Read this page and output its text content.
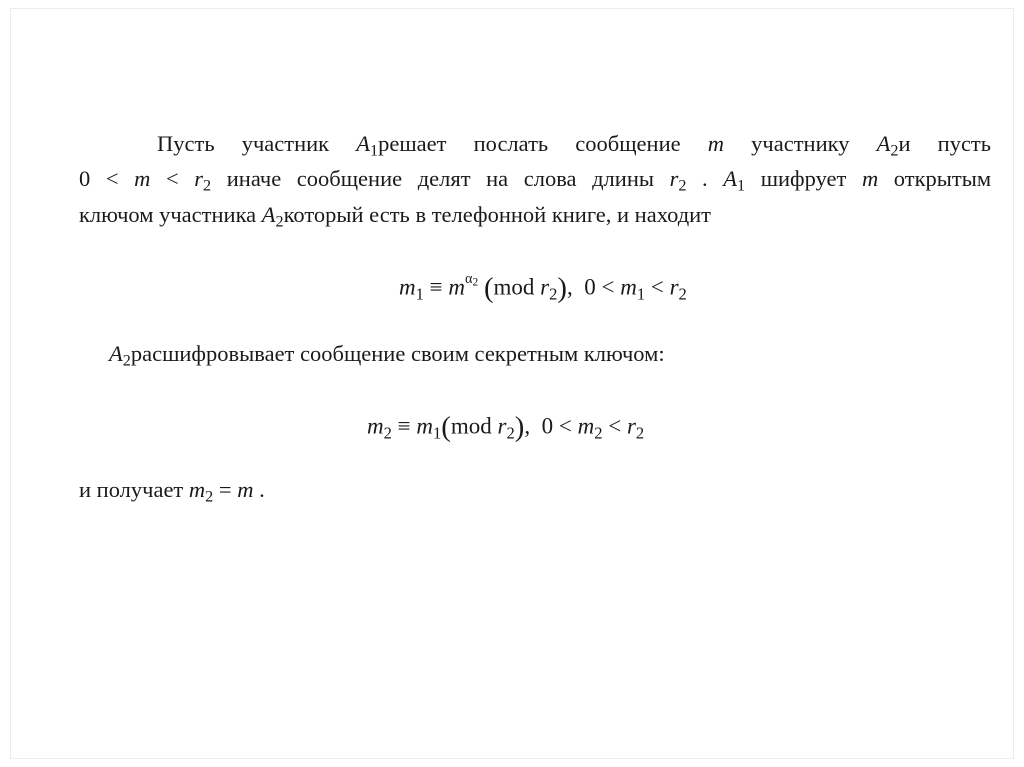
Пусть участник $A_1решает$ послать сообщение m участнику $A_2и$ пусть
$0 < m < r_2$ иначе сообщение делят на слова длины $r_2$ . $A_1$ шифрует m открытым
ключом участника $A_2который$ есть в телефонной книге, и находит
$m_1 \equiv m^{\alpha_2}$ (mod $r_2$), $0 < m_1 < r_2$
$A_2расшифровывает$ сообщение своим секретным ключом:
$m_2 \equiv m_1(mod$ $r_2$), $0 < m_2 < r_2$
и получает $m_2 = m$ .
